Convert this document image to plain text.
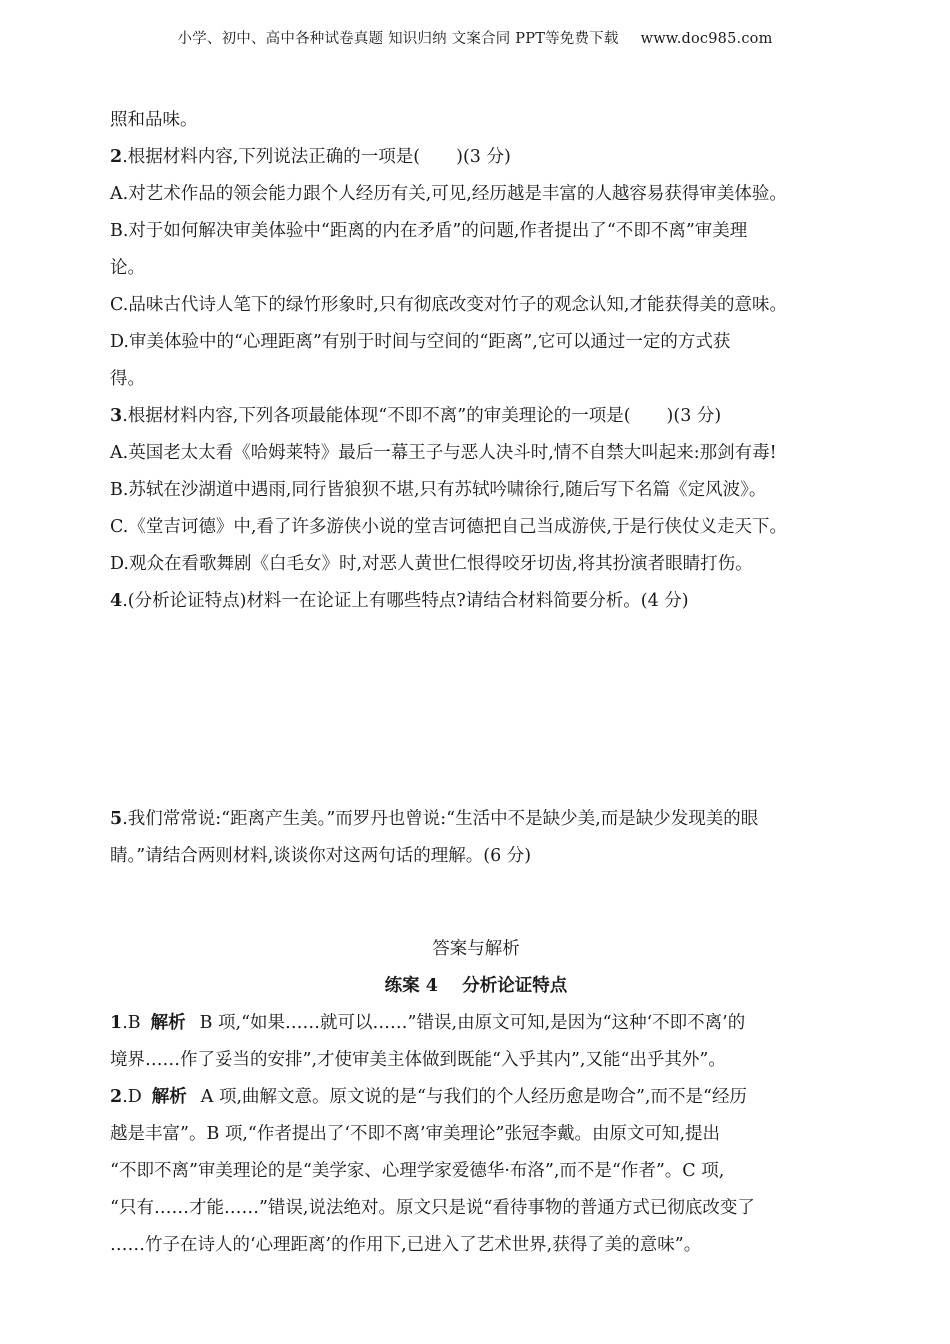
小学、初中、高中各种试卷真题 知识归纳 文案合同 PPT等免费下载 www.doc985.com
照和品味。
2.根据材料内容,下列说法正确的一项是( )(3 分)
A.对艺术作品的领会能力跟个人经历有关,可见,经历越是丰富的人越容易获得审美体验。
B.对于如何解决审美体验中“距离的内在矛盾”的问题,作者提出了“不即不离”审美理
论。
C.品味古代诗人笔下的绿竹形象时,只有彻底改变对竹子的观念认知,才能获得美的意味。
D.审美体验中的“心理距离”有别于时间与空间的“距离”,它可以通过一定的方式获
得。
3.根据材料内容,下列各项最能体现“不即不离”的审美理论的一项是( )(3 分)
A.英国老太太看《哈姆莱特》最后一幕王子与恶人决斗时,情不自禁大叫起来:那剑有毒!
B.苏轼在沙湖道中遇雨,同行皆狼狈不堪,只有苏轼吟啸徐行,随后写下名篇《定风波》。
C.《堂吉诃德》中,看了许多游侠小说的堂吉诃德把自己当成游侠,于是行侠仗义走天下。
D.观众在看歌舞剧《白毛女》时,对恶人黄世仁恨得咬牙切齿,将其扮演者眼睛打伤。
4.(分析论证特点)材料一在论证上有哪些特点?请结合材料简要分析。(4 分)
5.我们常常说:“距离产生美。”而罗丹也曾说:“生活中不是缺少美,而是缺少发现美的眼
睛。”请结合两则材料,谈谈你对这两句话的理解。(6 分)
答案与解析
练案 4    分析论证特点
1.B 解析 B 项,“如果……就可以……”错误,由原文可知,是因为“这种‘不即不离’的
境界……作了妥当的安排”,才使审美主体做到既能“入乎其内”,又能“出乎其外”。
2.D 解析 A 项,曲解文意。原文说的是“与我们的个人经历愈是吻合”,而不是“经历
越是丰富”。B 项,“作者提出了‘不即不离’审美理论”张冠李戴。由原文可知,提出
“不即不离”审美理论的是“美学家、心理学家爱德华·布洛”,而不是“作者”。C 项,
“只有……才能……”错误,说法绝对。原文只是说“看待事物的普通方式已彻底改变了
……竹子在诗人的‘心理距离’的作用下,已进入了艺术世界,获得了美的意味”。
